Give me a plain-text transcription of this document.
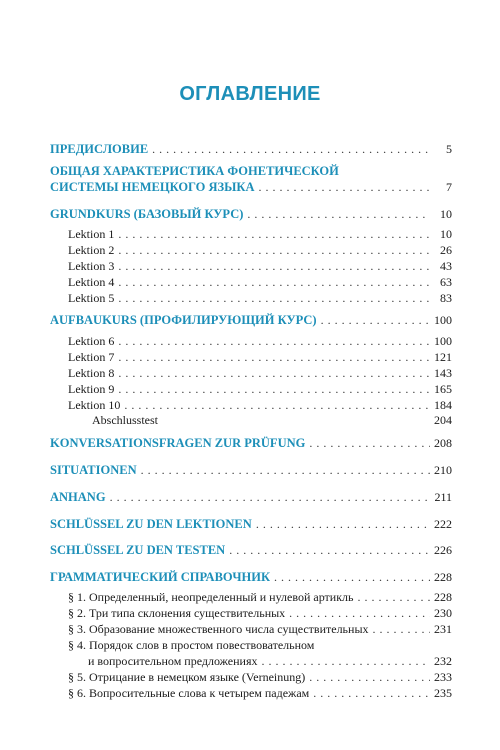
ОГЛАВЛЕНИЕ
ПРЕДИСЛОВИЕ . . .	5
ОБЩАЯ ХАРАКТЕРИСТИКА ФОНЕТИЧЕСКОЙ
СИСТЕМЫ НЕМЕЦКОГО ЯЗЫКА . . .	7
GRUNDKURS (БАЗОВЫЙ КУРС) . . .	10
Lektion 1 . . .	10
Lektion 2 . . .	26
Lektion 3 . . .	43
Lektion 4 . . .	63
Lektion 5 . . .	83
AUFBAUKURS (ПРОФИЛИРУЮЩИЙ КУРС) . . .	100
Lektion 6 . . .	100
Lektion 7 . . .	121
Lektion 8 . . .	143
Lektion 9 . . .	165
Lektion 10 . . .	184
Abschlusstest	204
KONVERSATIONSFRAGEN ZUR PRÜFUNG . . .	208
SITUATIONEN . . .	210
ANHANG . . .	211
SCHLÜSSEL ZU DEN LEKTIONEN . . .	222
SCHLÜSSEL ZU DEN TESTEN . . .	226
ГРАММАТИЧЕСКИЙ СПРАВОЧНИК . . .	228
§ 1. Определенный, неопределенный и нулевой артикль . . .	228
§ 2. Три типа склонения существительных . . .	230
§ 3. Образование множественного числа существительных . . .	231
§ 4. Порядок слов в простом повествовательном
и вопросительном предложениях . . .	232
§ 5. Отрицание в немецком языке (Verneinung) . . .	233
§ 6. Вопросительные слова к четырем падежам . . .	235
